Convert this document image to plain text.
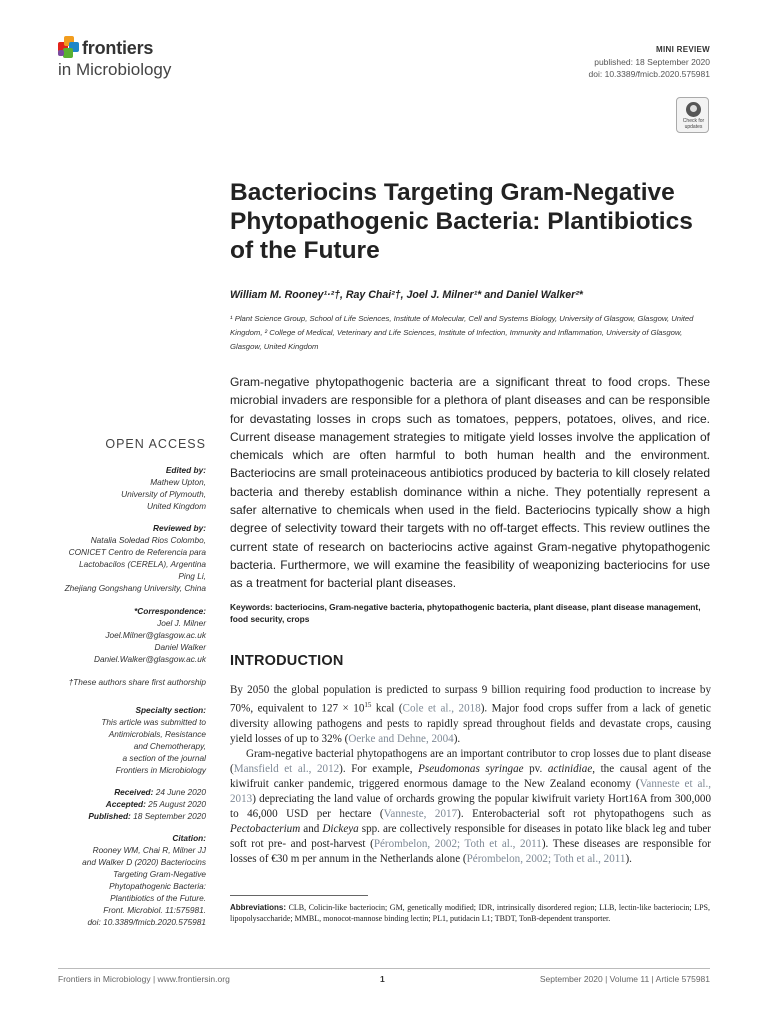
frontiers
in Microbiology
MINI REVIEW
published: 18 September 2020
doi: 10.3389/fmicb.2020.575981
Check for
updates
Bacteriocins Targeting Gram-Negative Phytopathogenic Bacteria: Plantibiotics of the Future
William M. Rooney¹·²†, Ray Chai²†, Joel J. Milner¹* and Daniel Walker²*
¹ Plant Science Group, School of Life Sciences, Institute of Molecular, Cell and Systems Biology, University of Glasgow, Glasgow, United Kingdom, ² College of Medical, Veterinary and Life Sciences, Institute of Infection, Immunity and Inflammation, University of Glasgow, Glasgow, United Kingdom
Gram-negative phytopathogenic bacteria are a significant threat to food crops. These microbial invaders are responsible for a plethora of plant diseases and can be responsible for devastating losses in crops such as tomatoes, peppers, potatoes, olives, and rice. Current disease management strategies to mitigate yield losses involve the application of chemicals which are often harmful to both human health and the environment. Bacteriocins are small proteinaceous antibiotics produced by bacteria to kill closely related bacteria and thereby establish dominance within a niche. They potentially represent a safer alternative to chemicals when used in the field. Bacteriocins typically show a high degree of selectivity toward their targets with no off-target effects. This review outlines the current state of research on bacteriocins active against Gram-negative phytopathogenic bacteria. Furthermore, we will examine the feasibility of weaponizing bacteriocins for use as a treatment for bacterial plant diseases.
Keywords: bacteriocins, Gram-negative bacteria, phytopathogenic bacteria, plant disease, plant disease management, food security, crops
INTRODUCTION

By 2050 the global population is predicted to surpass 9 billion requiring food production to increase by 70%, equivalent to $127 \times 10^{15}$ kcal (Cole et al., 2018). Major food crops suffer from a lack of genetic diversity allowing pathogens and pests to rapidly spread throughout fields and devastate crops, causing yield losses of up to 32% (Oerke and Dehne, 2004).

Gram-negative bacterial phytopathogens are an important contributor to crop losses due to plant disease (Mansfield et al., 2012). For example, Pseudomonas syringae pv. actinidiae, the causal agent of the kiwifruit canker pandemic, triggered enormous damage to the New Zealand economy (Vanneste et al., 2013) depreciating the land value of orchards growing the popular kiwifruit variety Hort16A from 300,000 to 46,000 USD per hectare (Vanneste, 2017). Enterobacterial soft rot phytopathogens such as Pectobacterium and Dickeya spp. are collectively responsible for diseases in potato like black leg and tuber soft rot pre- and post-harvest (Pérombelon, 2002; Toth et al., 2011). These diseases are responsible for losses of €30 m per annum in the Netherlands alone (Pérombelon, 2002; Toth et al., 2011).

Abbreviations: CLB, Colicin-like bacteriocin; GM, genetically modified; IDR, intrinsically disordered region; LLB, lectin-like bacteriocin; LPS, lipopolysaccharide; MMBL, monocot-mannose binding lectin; PL1, putidacin L1; TBDT, TonB-dependent transporter.
OPEN ACCESS
Edited by:
Mathew Upton,
University of Plymouth,
United Kingdom
Reviewed by:
Natalia Soledad Rios Colombo,
CONICET Centro de Referencia para
Lactobacilos (CERELA), Argentina
Ping Li,
Zhejiang Gongshang University, China
*Correspondence:
Joel J. Milner
Joel.Milner@glasgow.ac.uk
Daniel Walker
Daniel.Walker@glasgow.ac.uk
†These authors share first authorship
Specialty section:
This article was submitted to
Antimicrobials, Resistance
and Chemotherapy,
a section of the journal
Frontiers in Microbiology
Received: 24 June 2020
Accepted: 25 August 2020
Published: 18 September 2020
Citation:
Rooney WM, Chai R, Milner JJ
and Walker D (2020) Bacteriocins
Targeting Gram-Negative
Phytopathogenic Bacteria:
Plantibiotics of the Future.
Front. Microbiol. 11:575981.
doi: 10.3389/fmicb.2020.575981
Frontiers in Microbiology | www.frontiersin.org	1	September 2020 | Volume 11 | Article 575981
